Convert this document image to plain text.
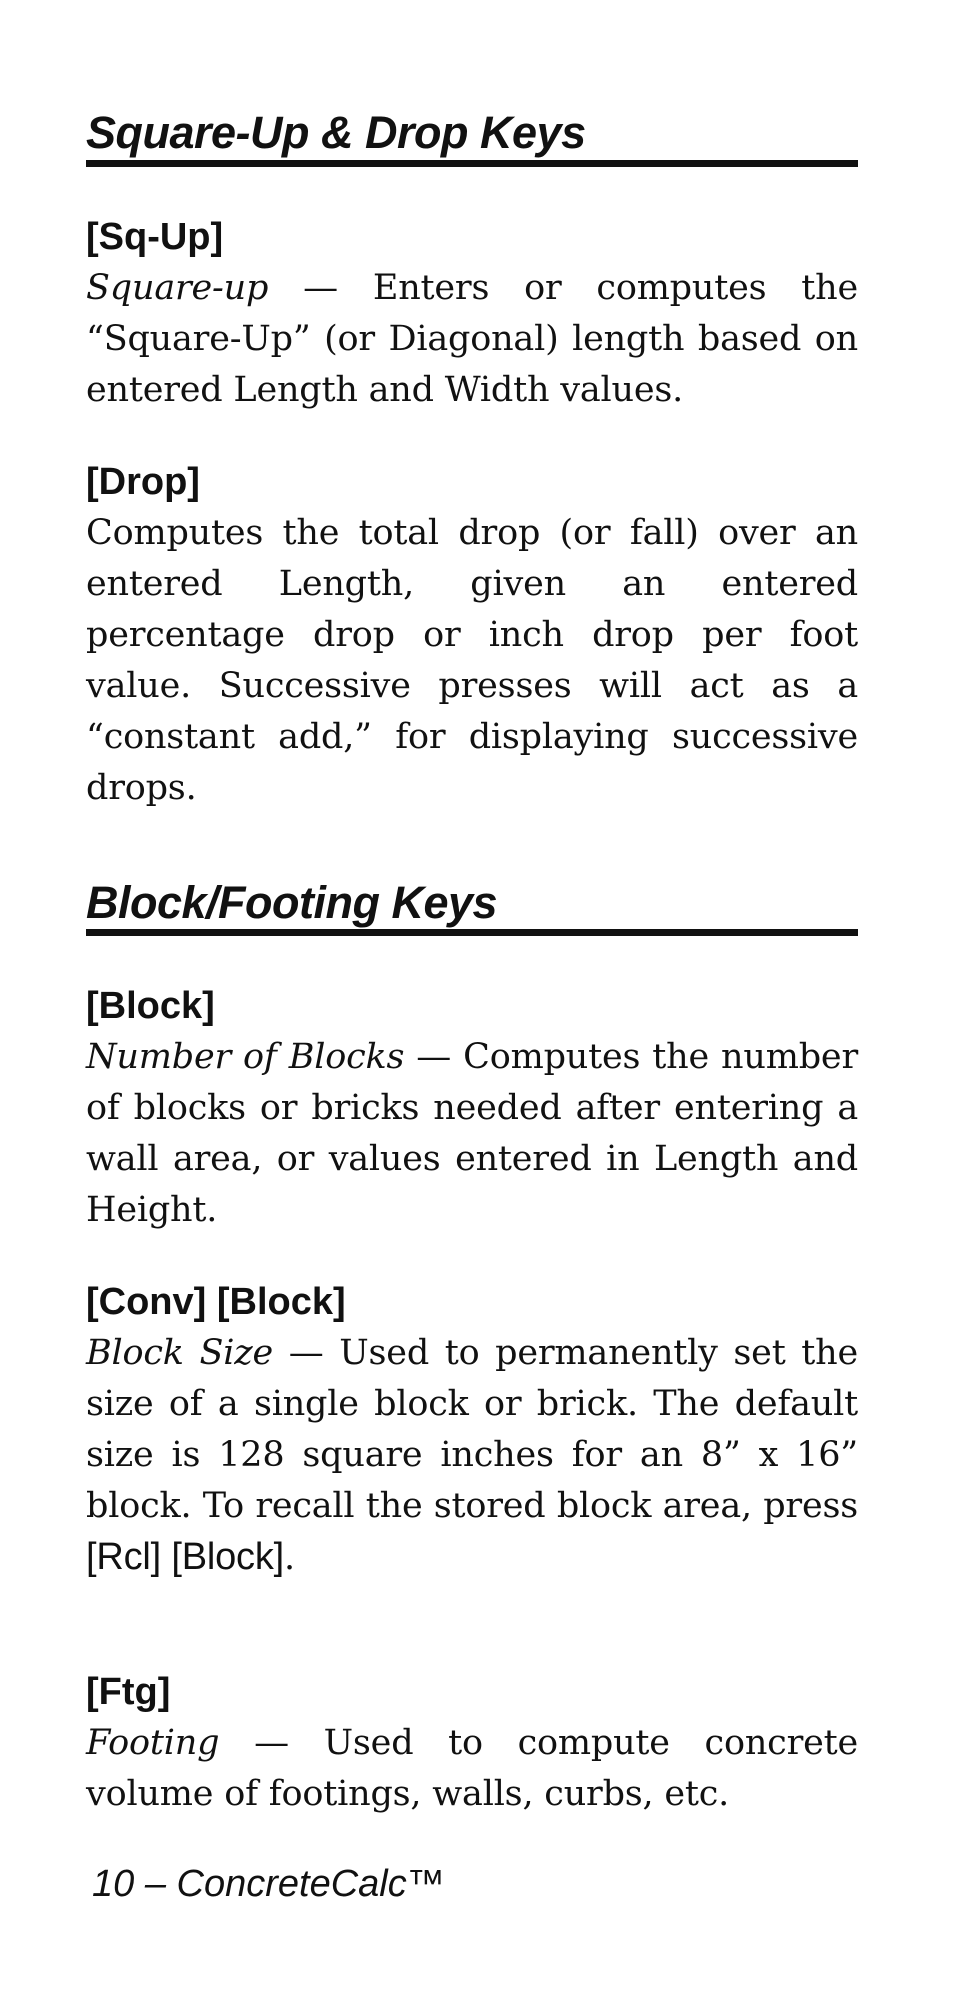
Square-Up & Drop Keys

[Sq-Up]

Square-up — Enters or computes the “Square-Up” (or Diagonal) length based on entered Length and Width values.

[Drop]

Computes the total drop (or fall) over an entered Length, given an entered percentage drop or inch drop per foot value. Successive presses will act as a “constant add,” for displaying successive drops.

Block/Footing Keys

[Block]

Number of Blocks — Computes the number of blocks or bricks needed after entering a wall area, or values entered in Length and Height.

[Conv] [Block]

Block Size — Used to permanently set the size of a single block or brick. The default size is 128 square inches for an 8” x 16” block. To recall the stored block area, press [Rcl] [Block].

[Ftg]

Footing — Used to compute concrete volume of footings, walls, curbs, etc.

10 – ConcreteCalc™
